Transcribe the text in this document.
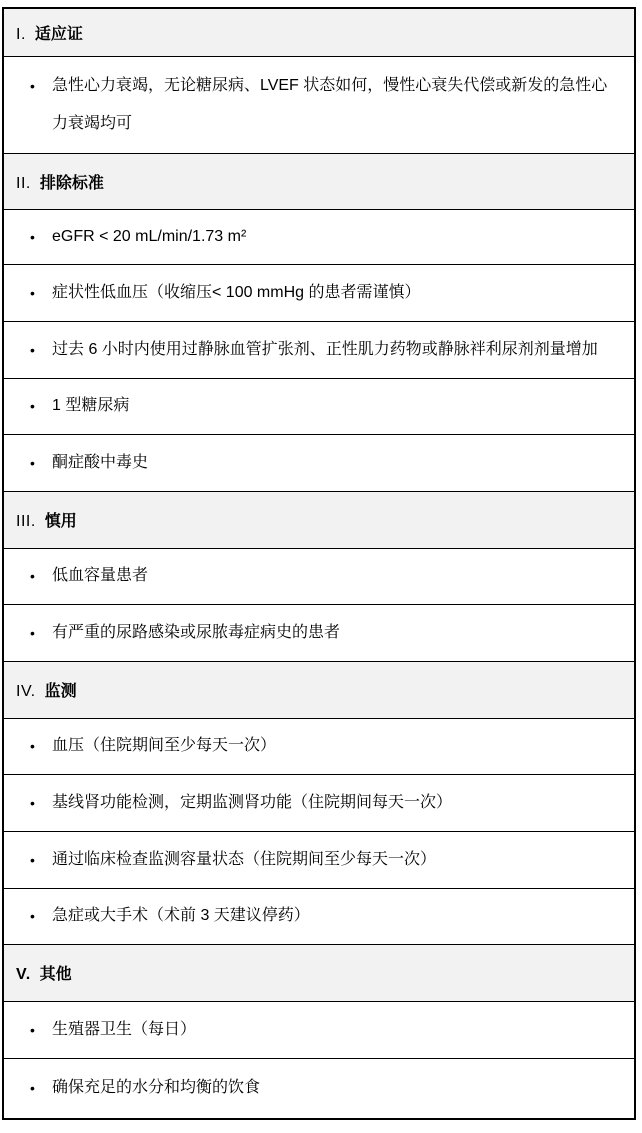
I. 适应证

•	急性心力衰竭，无论糖尿病、LVEF 状态如何，慢性心衰失代偿或新发的急性心力衰竭均可

II. 排除标准

•	eGFR < 20 mL/min/1.73 m²

•	症状性低血压（收缩压< 100 mmHg 的患者需谨慎）

•	过去 6 小时内使用过静脉血管扩张剂、正性肌力药物或静脉袢利尿剂剂量增加

•	1 型糖尿病

•	酮症酸中毒史

III. 慎用

•	低血容量患者

•	有严重的尿路感染或尿脓毒症病史的患者

IV. 监测

•	血压（住院期间至少每天一次）

•	基线肾功能检测，定期监测肾功能（住院期间每天一次）

•	通过临床检查监测容量状态（住院期间至少每天一次）

•	急症或大手术（术前 3 天建议停药）

V. 其他

•	生殖器卫生（每日）

•	确保充足的水分和均衡的饮食
